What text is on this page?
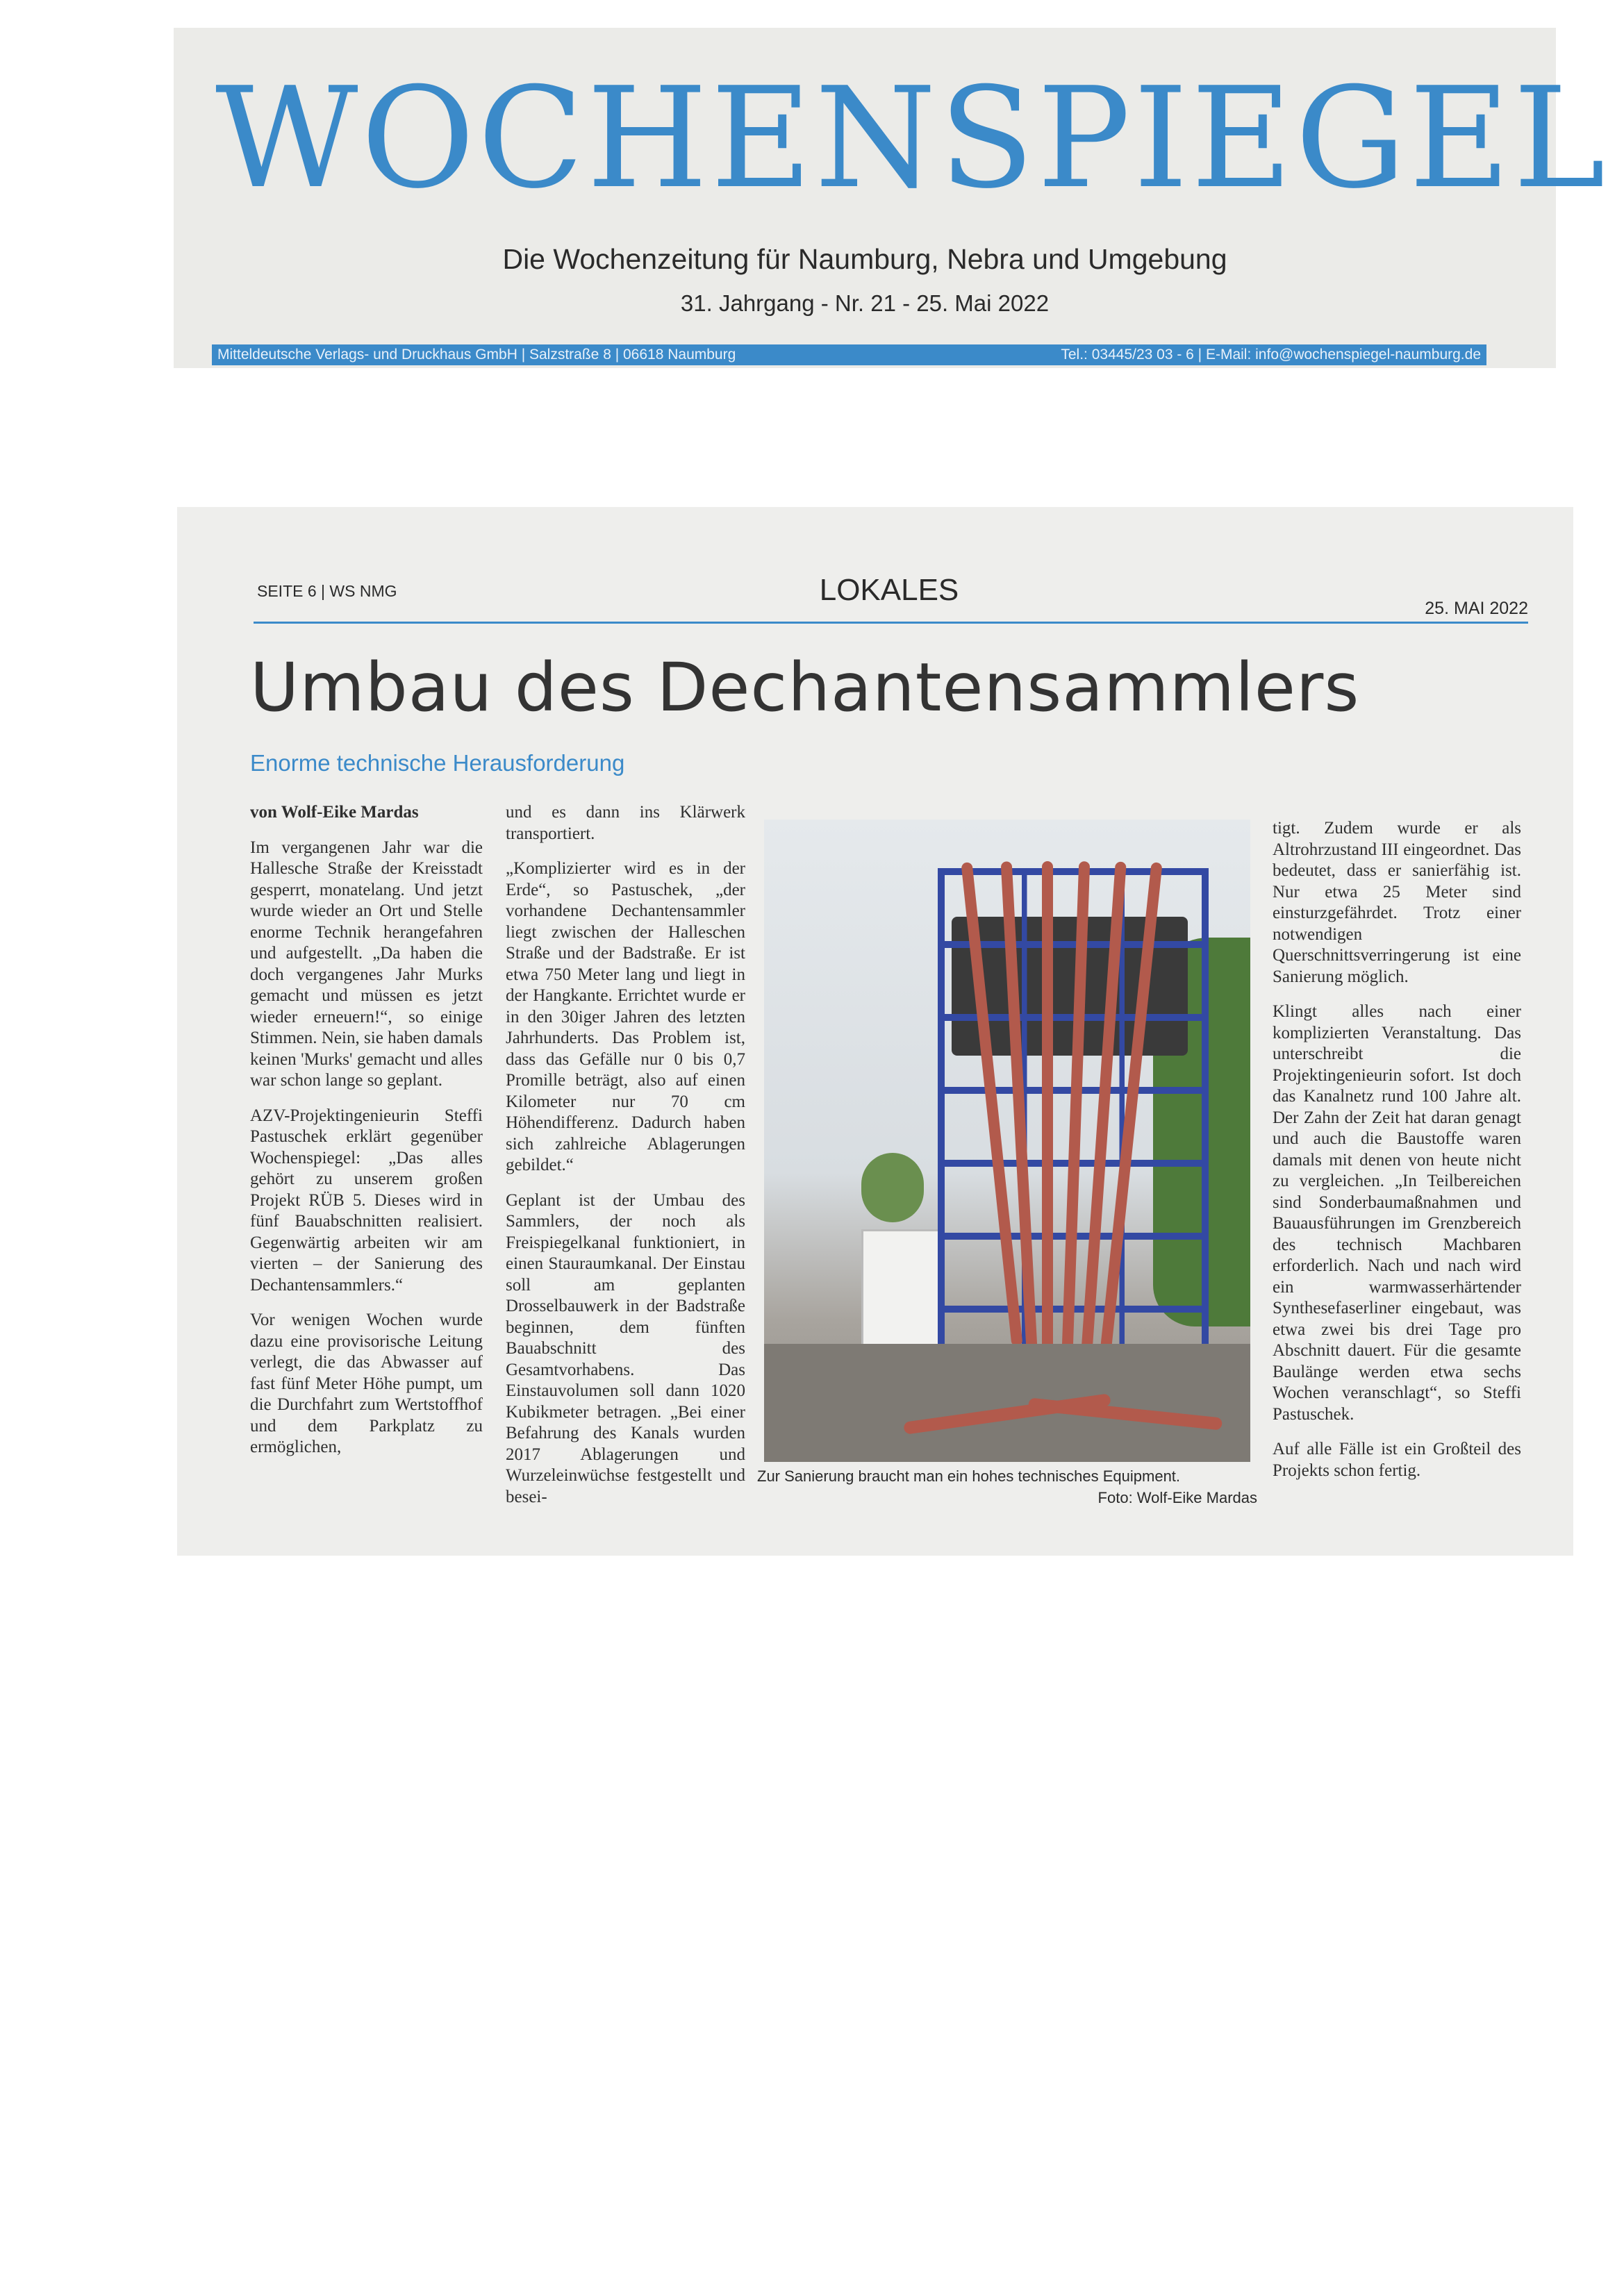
WOCHENSPIEGEL
Die Wochenzeitung für Naumburg, Nebra und Umgebung
31. Jahrgang - Nr. 21 - 25. Mai 2022
Mitteldeutsche Verlags- und Druckhaus GmbH | Salzstraße 8 | 06618 Naumburg	Tel.: 03445/23 03 - 6 | E-Mail: info@wochenspiegel-naumburg.de
SEITE 6 | WS NMG	LOKALES
25. MAI 2022
Umbau des Dechantensammlers
Enorme technische Herausforderung

von Wolf-Eike Mardas

Im vergangenen Jahr war die Hallesche Straße der Kreisstadt gesperrt, monatelang. Und jetzt wurde wieder an Ort und Stelle enorme Technik herangefahren und aufgestellt. „Da haben die doch vergangenes Jahr Murks gemacht und müssen es jetzt wieder erneuern!“, so einige Stimmen. Nein, sie haben damals keinen 'Murks' gemacht und alles war schon lange so geplant.

AZV-Projektingenieurin Steffi Pastuschek erklärt gegenüber Wochenspiegel: „Das alles gehört zu unserem großen Projekt RÜB 5. Dieses wird in fünf Bauabschnitten realisiert. Gegenwärtig arbeiten wir am vierten – der Sanierung des Dechantensammlers.“

Vor wenigen Wochen wurde dazu eine provisorische Leitung verlegt, die das Abwasser auf fast fünf Meter Höhe pumpt, um die Durchfahrt zum Wertstoffhof und dem Parkplatz zu ermöglichen,

und es dann ins Klärwerk transportiert.

„Komplizierter wird es in der Erde“, so Pastuschek, „der vorhandene Dechantensammler liegt zwischen der Halleschen Straße und der Badstraße. Er ist etwa 750 Meter lang und liegt in der Hangkante. Errichtet wurde er in den 30iger Jahren des letzten Jahrhunderts. Das Problem ist, dass das Gefälle nur 0 bis 0,7 Promille beträgt, also auf einen Kilometer nur 70 cm Höhendifferenz. Dadurch haben sich zahlreiche Ablagerungen gebildet.“

Geplant ist der Umbau des Sammlers, der noch als Freispiegelkanal funktioniert, in einen Stauraumkanal. Der Einstau soll am geplanten Drosselbauwerk in der Badstraße beginnen, dem fünften Bauabschnitt des Gesamtvorhabens. Das Einstauvolumen soll dann 1020 Kubikmeter betragen. „Bei einer Befahrung des Kanals wurden 2017 Ablagerungen und Wurzeleinwüchse festgestellt und besei-

tigt. Zudem wurde er als Altrohrzustand III eingeordnet. Das bedeutet, dass er sanierfähig ist. Nur etwa 25 Meter sind einsturzgefährdet. Trotz einer notwendigen Querschnittsverringerung ist eine Sanierung möglich.

Klingt alles nach einer komplizierten Veranstaltung. Das unterschreibt die Projektingenieurin sofort. Ist doch das Kanalnetz rund 100 Jahre alt. Der Zahn der Zeit hat daran genagt und auch die Baustoffe waren damals mit denen von heute nicht zu vergleichen. „In Teilbereichen sind Sonderbaumaßnahmen und Bauausführungen im Grenzbereich des technisch Machbaren erforderlich. Nach und nach wird ein warmwasserhärtender Synthesefaserliner eingebaut, was etwa zwei bis drei Tage pro Abschnitt dauert. Für die gesamte Baulänge werden etwa sechs Wochen veranschlagt“, so Steffi Pastuschek.

Auf alle Fälle ist ein Großteil des Projekts schon fertig.

Zur Sanierung braucht man ein hohes technisches Equipment.
Foto: Wolf-Eike Mardas
